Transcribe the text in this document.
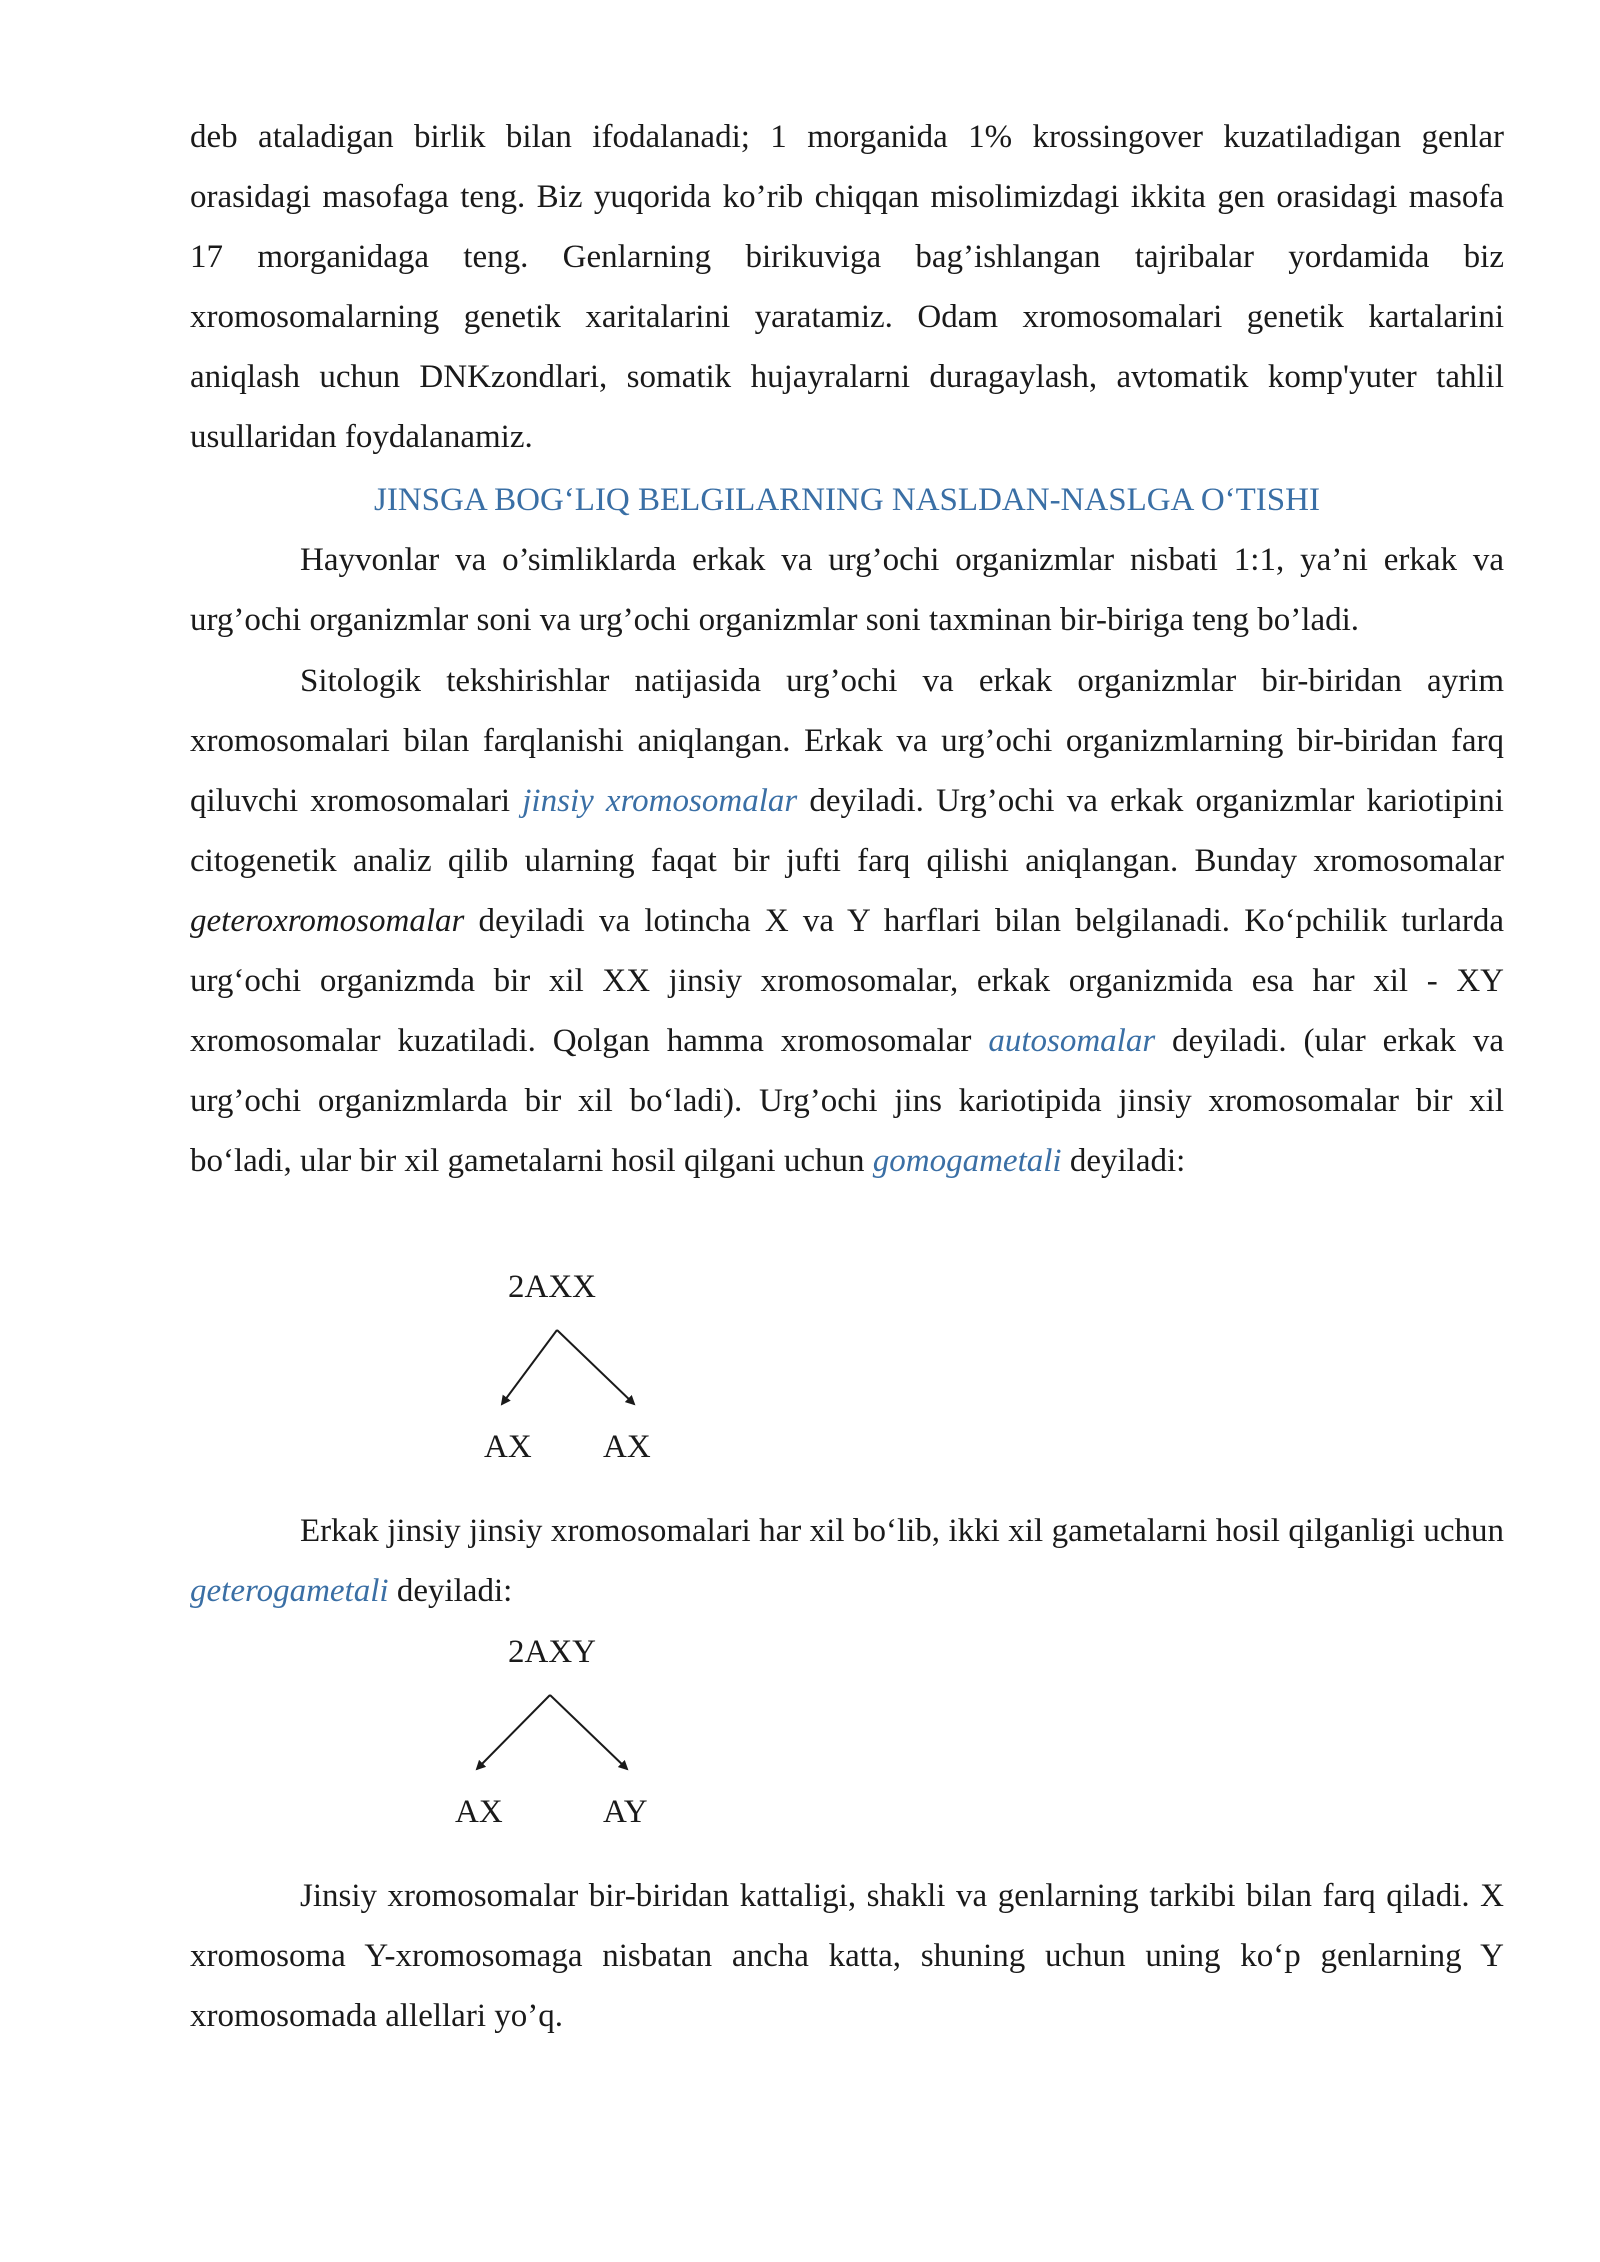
deb ataladigan birlik bilan ifodalanadi; 1 morganida 1% krossingover kuzatiladigan genlar orasidagi masofaga teng. Biz yuqorida ko’rib chiqqan misolimizdagi ikkita gen orasidagi masofa 17 morganidaga teng. Genlarning birikuviga bag’ishlangan tajribalar yordamida biz xromosomalarning genetik xaritalarini yaratamiz. Odam xromosomalari genetik kartalarini aniqlash uchun DNKzondlari, somatik hujayralarni duragaylash, avtomatik komp'yuter tahlil usullaridan foydalanamiz.

JINSGA BOG‘LIQ BELGILARNING NASLDAN-NASLGA O‘TISHI

Hayvonlar va o’simliklarda erkak va urg’ochi organizmlar nisbati 1:1, ya’ni erkak va urg’ochi organizmlar soni va urg’ochi organizmlar soni taxminan bir-biriga teng bo’ladi.

Sitologik tekshirishlar natijasida urg’ochi va erkak organizmlar bir-biridan ayrim xromosomalari bilan farqlanishi aniqlangan. Erkak va urg’ochi organizmlarning bir-biridan farq qiluvchi xromosomalari jinsiy xromosomalar deyiladi. Urg’ochi va erkak organizmlar kariotipini citogenetik analiz qilib ularning faqat bir jufti farq qilishi aniqlangan. Bunday xromosomalar geteroxromosomalar deyiladi va lotincha X va Y harflari bilan belgilanadi. Ko‘pchilik turlarda urg‘ochi organizmda bir xil XX jinsiy xromosomalar, erkak organizmida esa har xil - XY xromosomalar kuzatiladi. Qolgan hamma xromosomalar autosomalar deyiladi. (ular erkak va urg’ochi organizmlarda bir xil bo‘ladi). Urg’ochi jins kariotipida jinsiy xromosomalar bir xil bo‘ladi, ular bir xil gametalarni hosil qilgani uchun gomogametali deyiladi:

2AXX
AX AX

Erkak jinsiy jinsiy xromosomalari har xil bo‘lib, ikki xil gametalarni hosil qilganligi uchun geterogametali deyiladi:

2AXY
AX	AY

Jinsiy xromosomalar bir-biridan kattaligi, shakli va genlarning tarkibi bilan farq qiladi. X xromosoma Y-xromosomaga nisbatan ancha katta, shuning uchun uning ko‘p genlarning Y xromosomada allellari yo’q.
